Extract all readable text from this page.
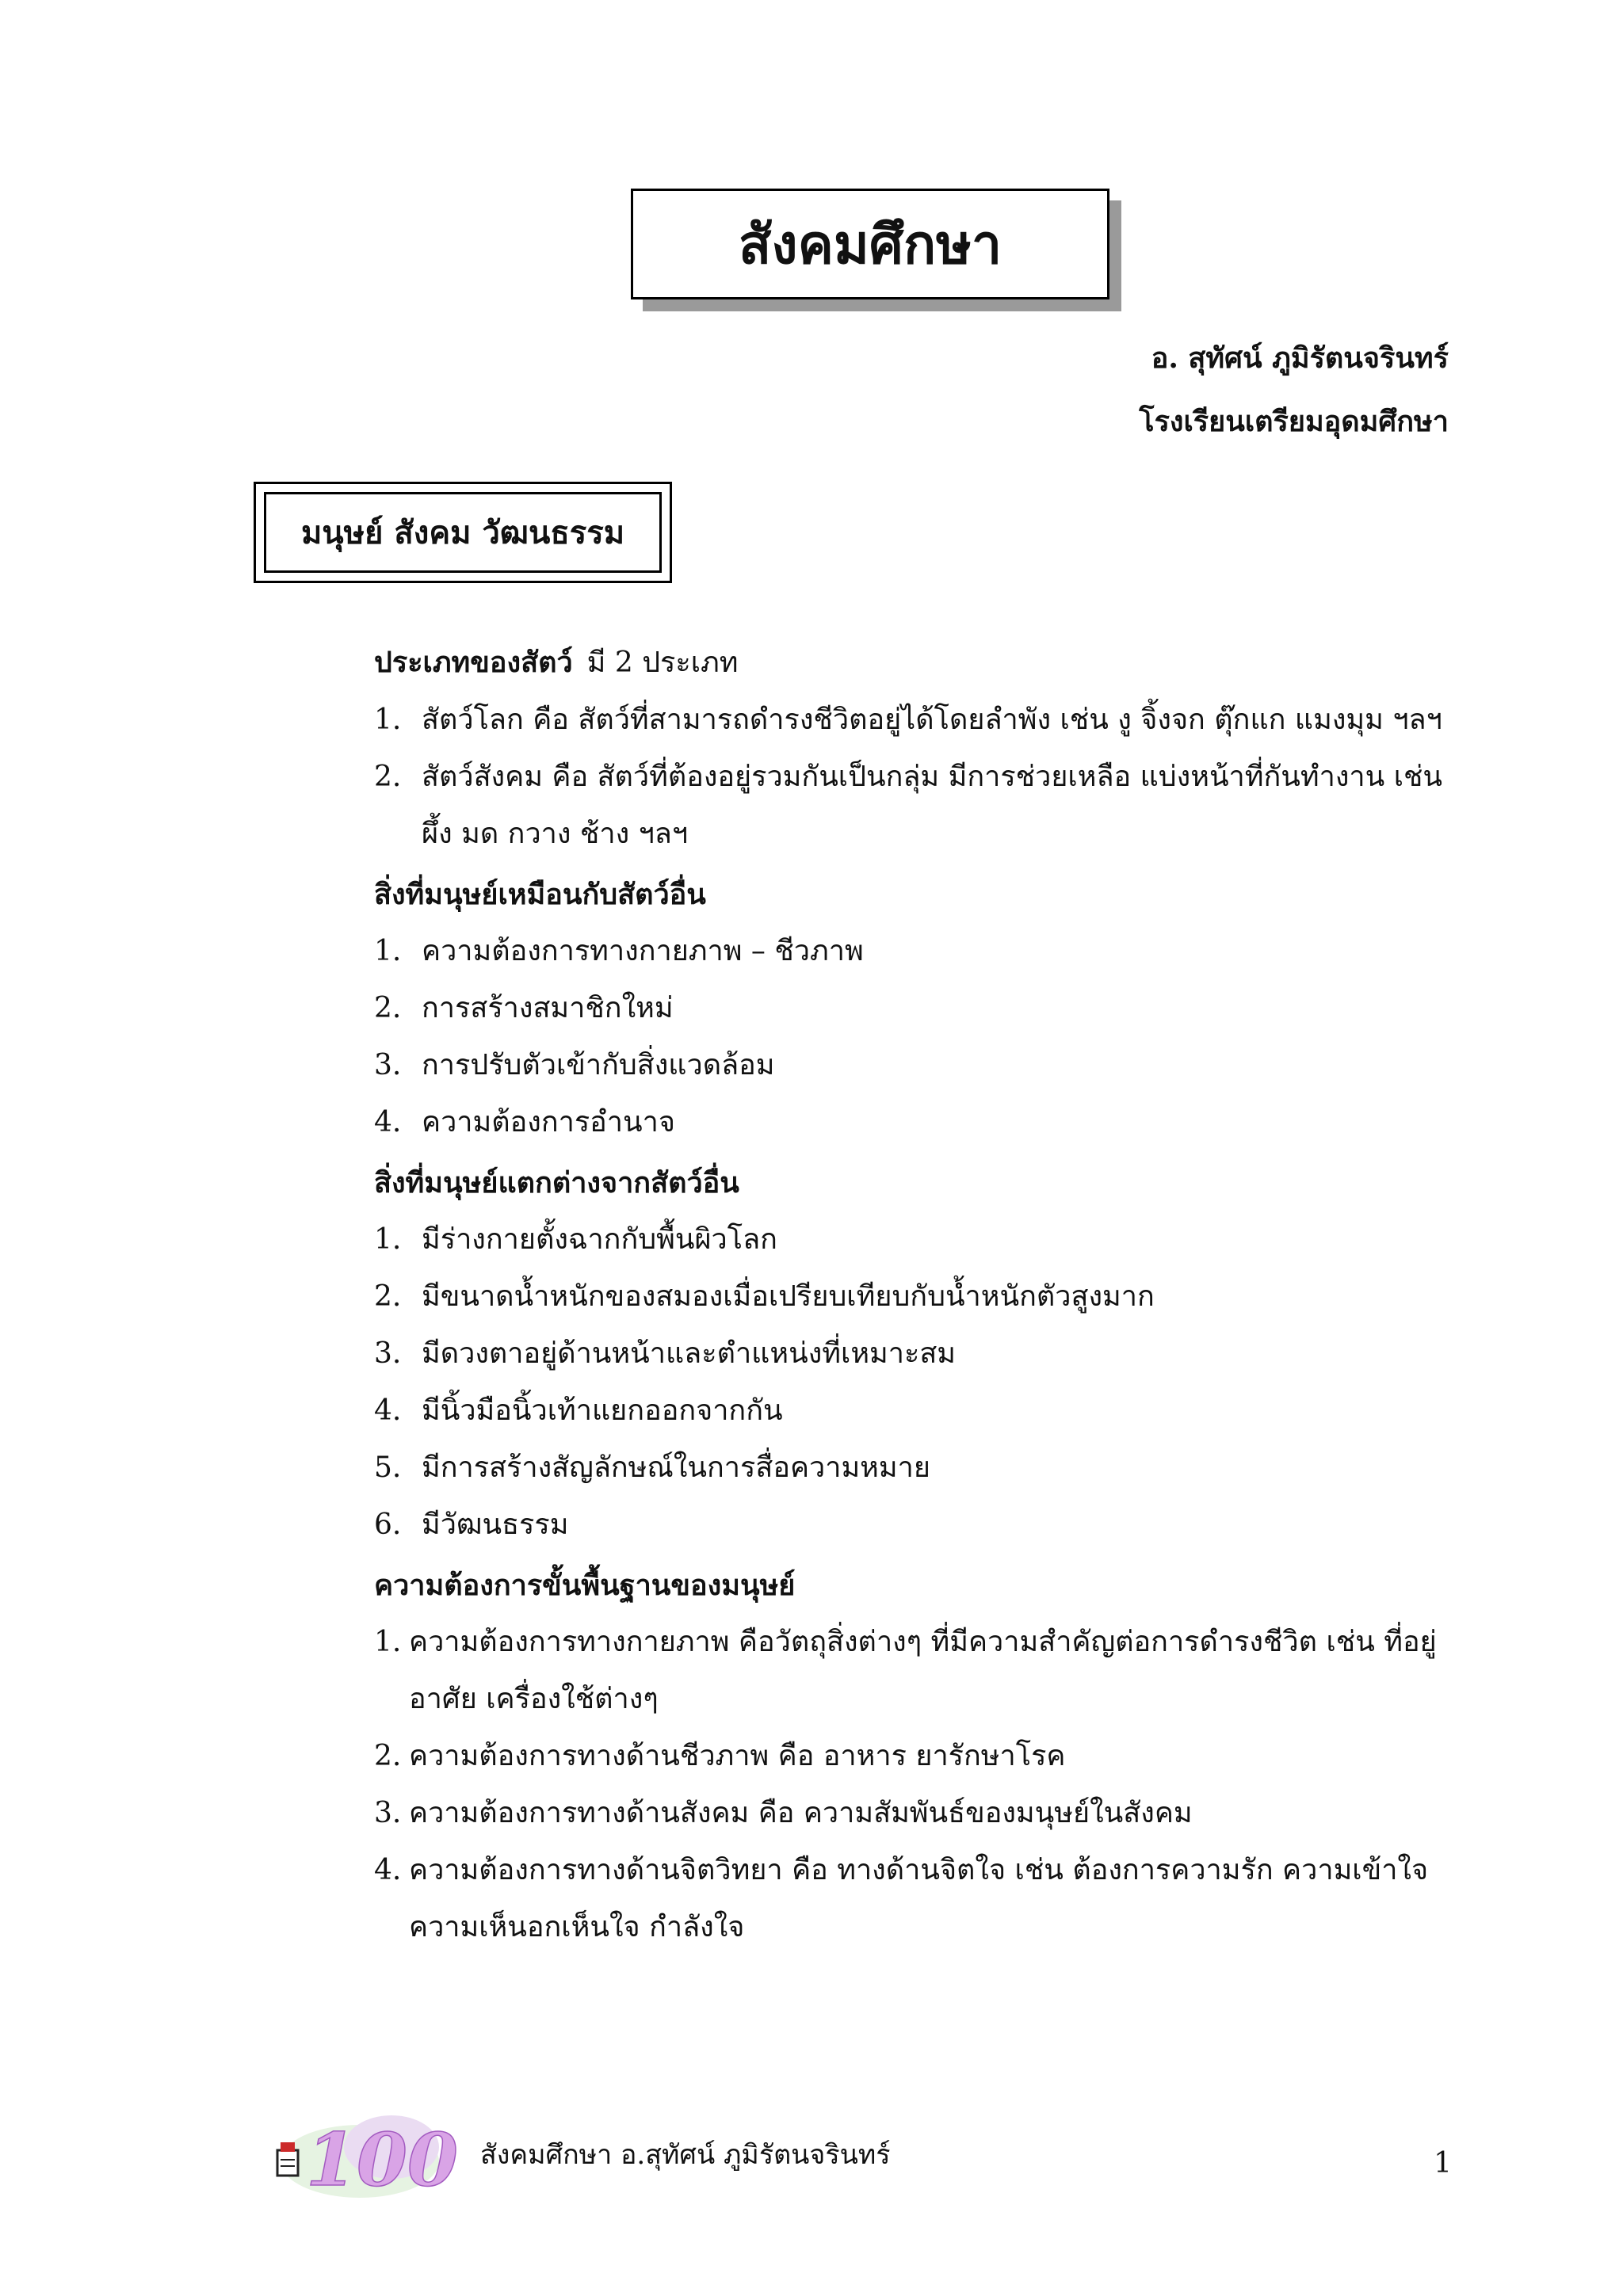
สังคมศึกษา
อ. สุทัศน์ ภูมิรัตนจรินทร์
โรงเรียนเตรียมอุดมศึกษา
มนุษย์ สังคม วัฒนธรรม
ประเภทของสัตว์ มี 2 ประเภท
1. สัตว์โลก คือ สัตว์ที่สามารถดำรงชีวิตอยู่ได้โดยลำพัง เช่น งู จิ้งจก ตุ๊กแก แมงมุม ฯลฯ
2. สัตว์สังคม คือ สัตว์ที่ต้องอยู่รวมกันเป็นกลุ่ม มีการช่วยเหลือ แบ่งหน้าที่กันทำงาน เช่น ผึ้ง มด กวาง ช้าง ฯลฯ
สิ่งที่มนุษย์เหมือนกับสัตว์อื่น
1. ความต้องการทางกายภาพ – ชีวภาพ
2. การสร้างสมาชิกใหม่
3. การปรับตัวเข้ากับสิ่งแวดล้อม
4. ความต้องการอำนาจ
สิ่งที่มนุษย์แตกต่างจากสัตว์อื่น
1. มีร่างกายตั้งฉากกับพื้นผิวโลก
2. มีขนาดน้ำหนักของสมองเมื่อเปรียบเทียบกับน้ำหนักตัวสูงมาก
3. มีดวงตาอยู่ด้านหน้าและตำแหน่งที่เหมาะสม
4. มีนิ้วมือนิ้วเท้าแยกออกจากกัน
5. มีการสร้างสัญลักษณ์ในการสื่อความหมาย
6. มีวัฒนธรรม
ความต้องการขั้นพื้นฐานของมนุษย์
1. ความต้องการทางกายภาพ คือวัตถุสิ่งต่างๆ ที่มีความสำคัญต่อการดำรงชีวิต เช่น ที่อยู่อาศัย เครื่องใช้ต่างๆ
2. ความต้องการทางด้านชีวภาพ คือ อาหาร ยารักษาโรค
3. ความต้องการทางด้านสังคม คือ ความสัมพันธ์ของมนุษย์ในสังคม
4. ความต้องการทางด้านจิตวิทยา คือ ทางด้านจิตใจ เช่น ต้องการความรัก ความเข้าใจ ความเห็นอกเห็นใจ กำลังใจ
100 สังคมศึกษา อ.สุทัศน์ ภูมิรัตนจรินทร์	1
